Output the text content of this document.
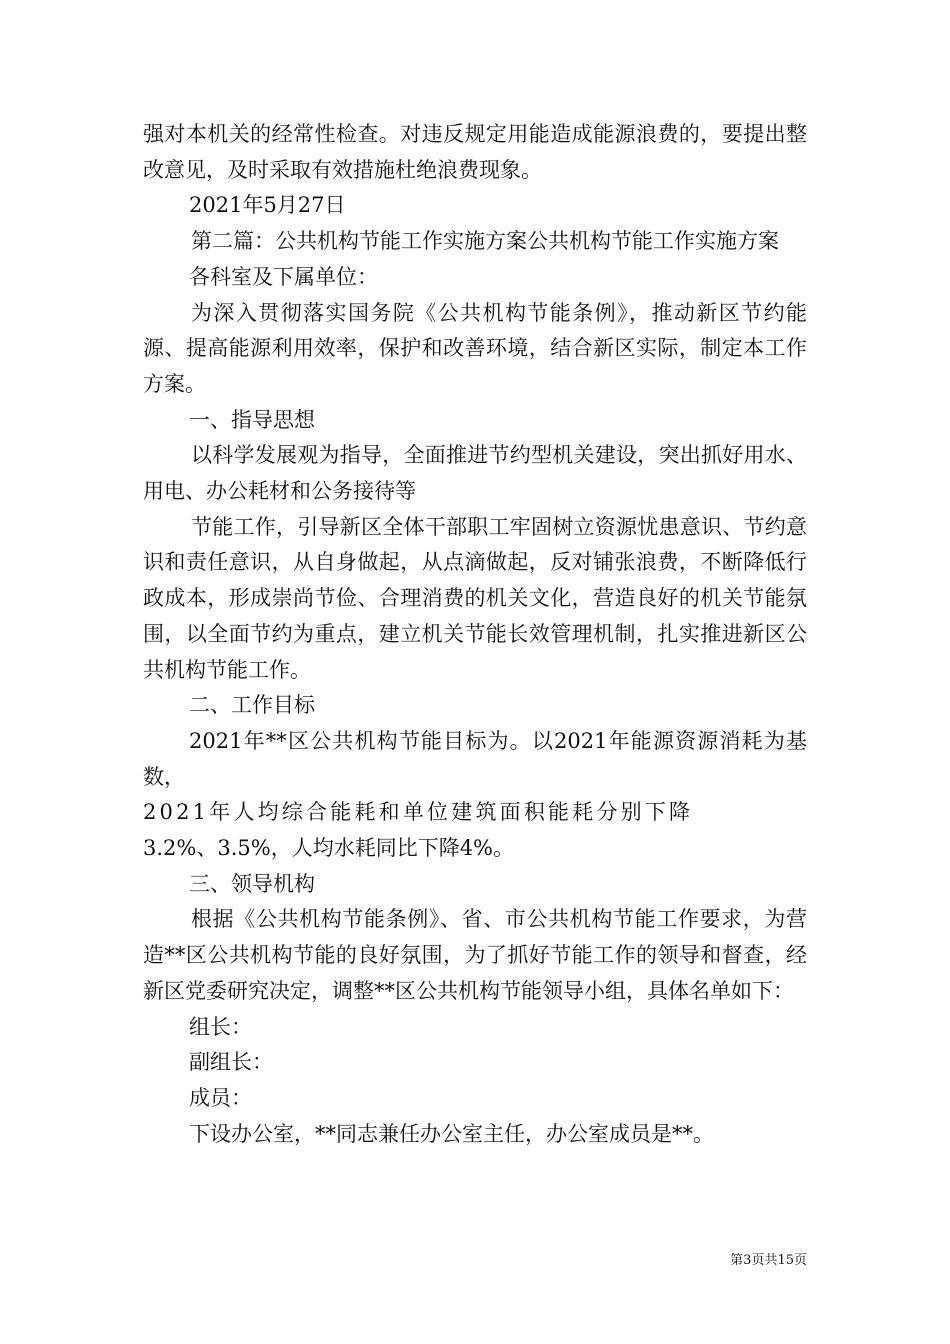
强对本机关的经常性检查。对违反规定用能造成能源浪费的，要提出整改意见，及时采取有效措施杜绝浪费现象。

2021年5月27日

第二篇：公共机构节能工作实施方案公共机构节能工作实施方案

各科室及下属单位：

为深入贯彻落实国务院《公共机构节能条例》，推动新区节约能源、提高能源利用效率，保护和改善环境，结合新区实际，制定本工作方案。

一、指导思想

以科学发展观为指导，全面推进节约型机关建设，突出抓好用水、用电、办公耗材和公务接待等

节能工作，引导新区全体干部职工牢固树立资源忧患意识、节约意识和责任意识，从自身做起，从点滴做起，反对铺张浪费，不断降低行政成本，形成崇尚节俭、合理消费的机关文化，营造良好的机关节能氛围，以全面节约为重点，建立机关节能长效管理机制，扎实推进新区公共机构节能工作。

二、工作目标

2021年**区公共机构节能目标为。以2021年能源资源消耗为基数，

2021年人均综合能耗和单位建筑面积能耗分别下降

3.2%、3.5%，人均水耗同比下降4%。

三、领导机构

根据《公共机构节能条例》、省、市公共机构节能工作要求，为营造**区公共机构节能的良好氛围，为了抓好节能工作的领导和督查，经新区党委研究决定，调整**区公共机构节能领导小组，具体名单如下：

组长：

副组长：

成员：

下设办公室，**同志兼任办公室主任，办公室成员是**。

第3页共15页
